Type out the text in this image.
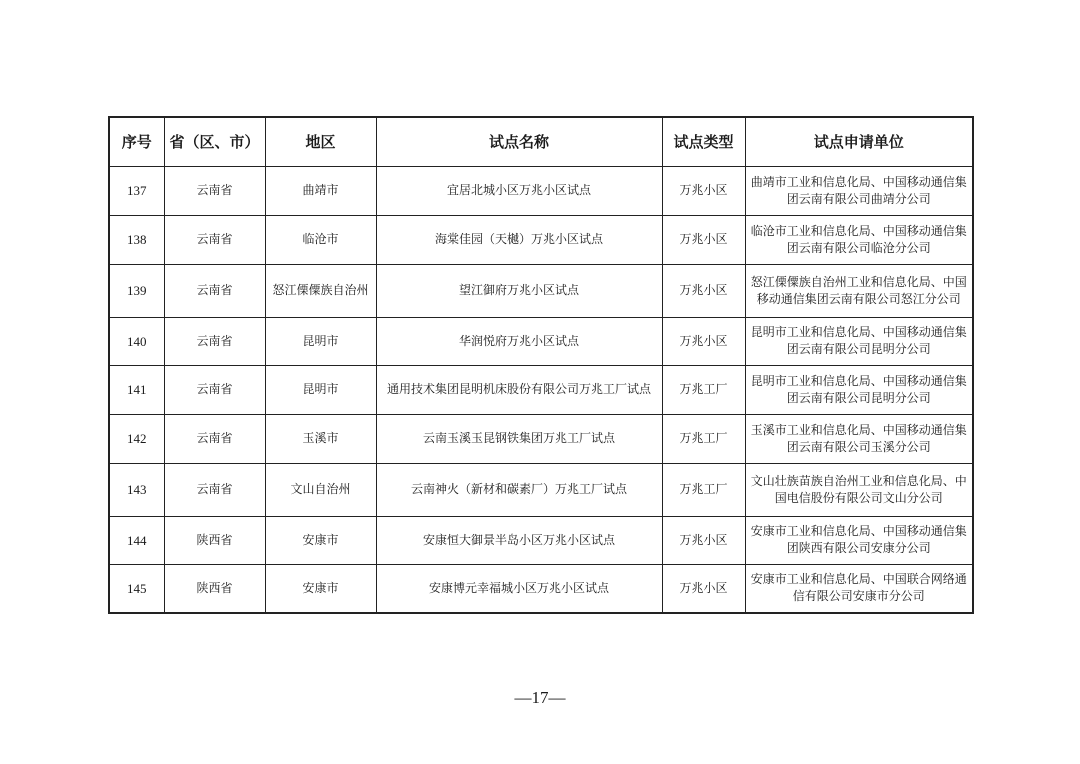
序号	省（区、市）	地区	试点名称	试点类型	试点申请单位
137	云南省	曲靖市	宜居北城小区万兆小区试点	万兆小区	曲靖市工业和信息化局、中国移动通信集团云南有限公司曲靖分公司
138	云南省	临沧市	海棠佳园（天樾）万兆小区试点	万兆小区	临沧市工业和信息化局、中国移动通信集团云南有限公司临沧分公司
139	云南省	怒江傈僳族自治州	望江御府万兆小区试点	万兆小区	怒江傈僳族自治州工业和信息化局、中国移动通信集团云南有限公司怒江分公司
140	云南省	昆明市	华润悦府万兆小区试点	万兆小区	昆明市工业和信息化局、中国移动通信集团云南有限公司昆明分公司
141	云南省	昆明市	通用技术集团昆明机床股份有限公司万兆工厂试点	万兆工厂	昆明市工业和信息化局、中国移动通信集团云南有限公司昆明分公司
142	云南省	玉溪市	云南玉溪玉昆钢铁集团万兆工厂试点	万兆工厂	玉溪市工业和信息化局、中国移动通信集团云南有限公司玉溪分公司
143	云南省	文山自治州	云南神火（新材和碳素厂）万兆工厂试点	万兆工厂	文山壮族苗族自治州工业和信息化局、中国电信股份有限公司文山分公司
144	陕西省	安康市	安康恒大御景半岛小区万兆小区试点	万兆小区	安康市工业和信息化局、中国移动通信集团陕西有限公司安康分公司
145	陕西省	安康市	安康博元幸福城小区万兆小区试点	万兆小区	安康市工业和信息化局、中国联合网络通信有限公司安康市分公司
—17—
